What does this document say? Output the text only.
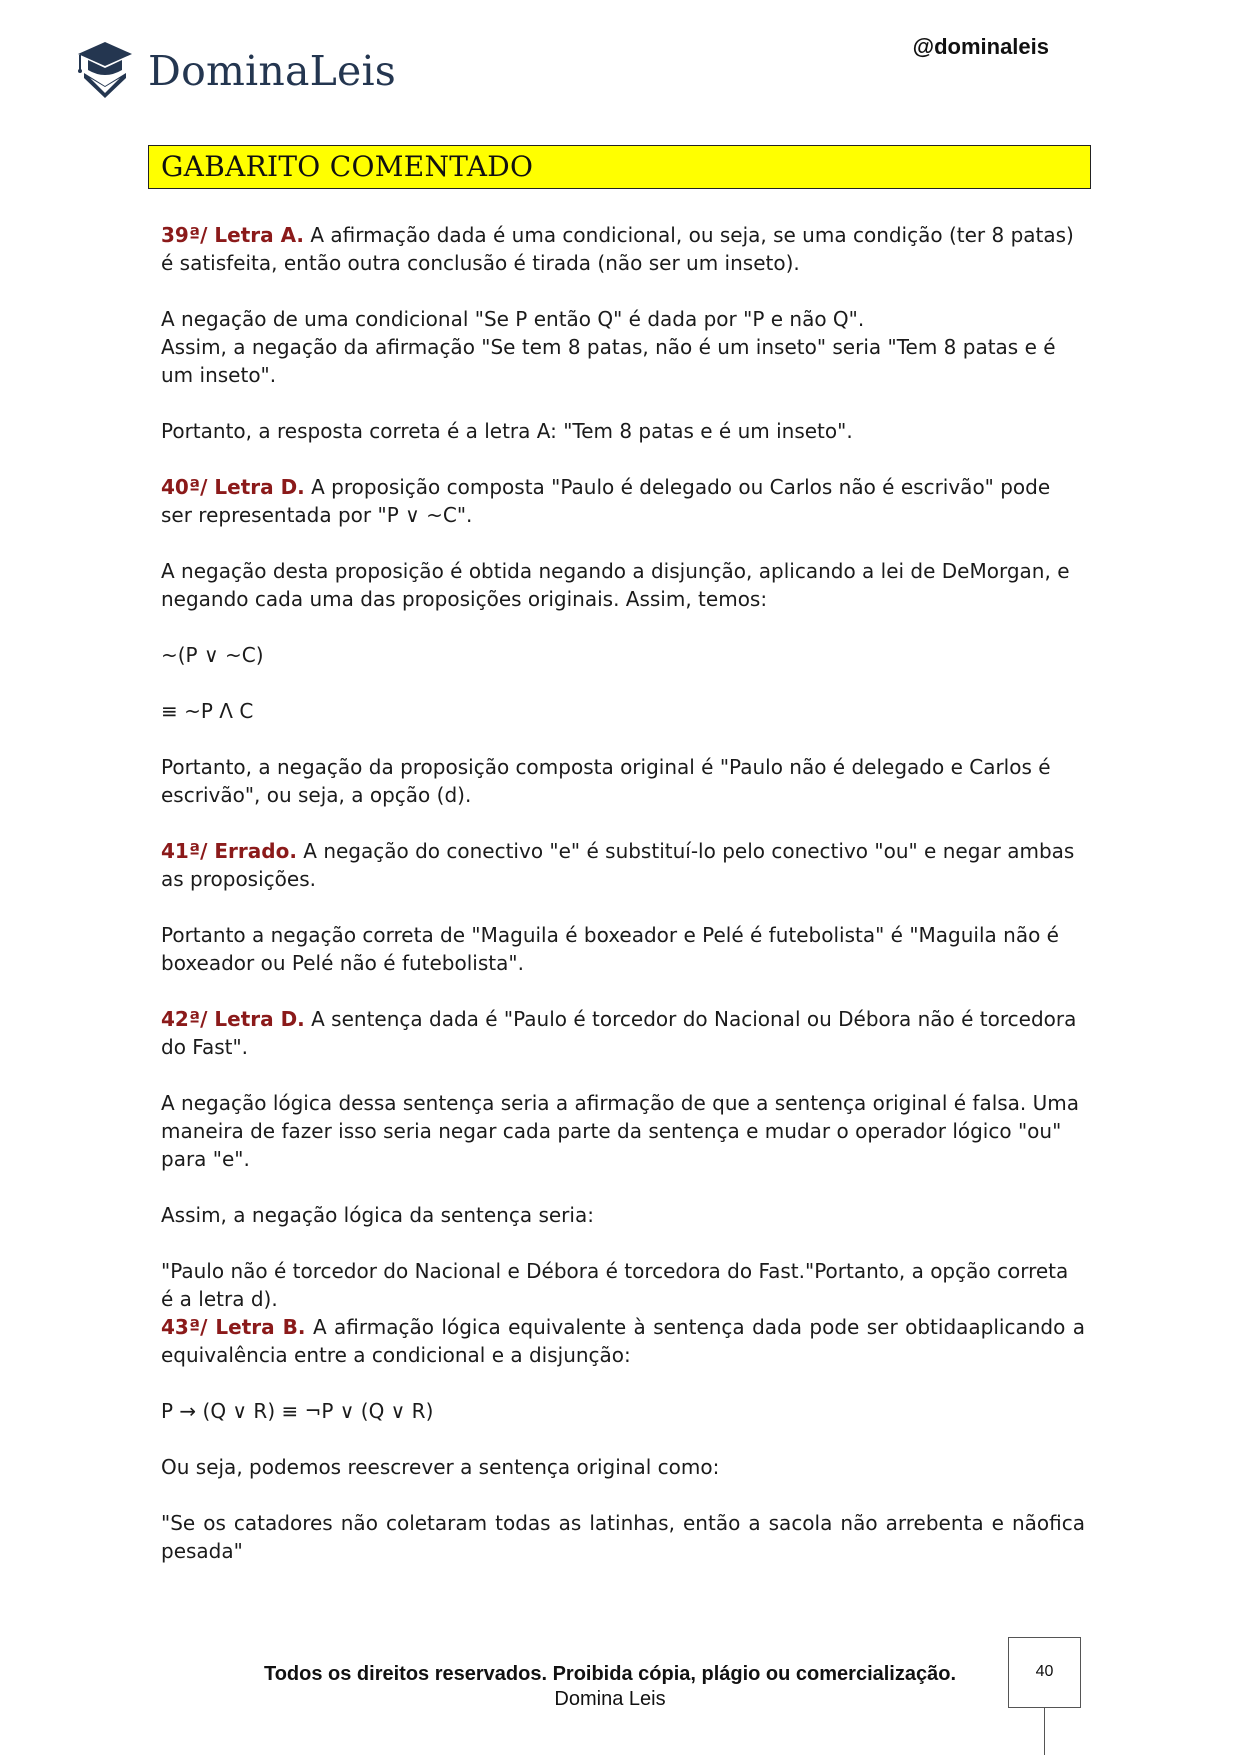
DominaLeis
@dominaleis
GABARITO COMENTADO

39ª/ Letra A. A afirmação dada é uma condicional, ou seja, se uma condição (ter 8 patas) é satisfeita, então outra conclusão é tirada (não ser um inseto).

A negação de uma condicional "Se P então Q" é dada por "P e não Q".
Assim, a negação da afirmação "Se tem 8 patas, não é um inseto" seria "Tem 8 patas e é um inseto".

Portanto, a resposta correta é a letra A: "Tem 8 patas e é um inseto".

40ª/ Letra D. A proposição composta "Paulo é delegado ou Carlos não é escrivão" pode ser representada por "P ∨ ~C".

A negação desta proposição é obtida negando a disjunção, aplicando a lei de DeMorgan, e negando cada uma das proposições originais. Assim, temos:

~(P ∨ ~C)

≡ ~P Λ C

Portanto, a negação da proposição composta original é "Paulo não é delegado e Carlos é escrivão", ou seja, a opção (d).

41ª/ Errado. A negação do conectivo "e" é substituí-lo pelo conectivo "ou" e negar ambas as proposições.

Portanto a negação correta de "Maguila é boxeador e Pelé é futebolista" é "Maguila não é boxeador ou Pelé não é futebolista".

42ª/ Letra D. A sentença dada é "Paulo é torcedor do Nacional ou Débora não é torcedora do Fast".

A negação lógica dessa sentença seria a afirmação de que a sentença original é falsa. Uma maneira de fazer isso seria negar cada parte da sentença e mudar o operador lógico "ou" para "e".

Assim, a negação lógica da sentença seria:

"Paulo não é torcedor do Nacional e Débora é torcedora do Fast."Portanto, a opção correta é a letra d).

43ª/ Letra B. A afirmação lógica equivalente à sentença dada pode ser obtidaaplicando a equivalência entre a condicional e a disjunção:

P → (Q ∨ R) ≡ ¬P ∨ (Q ∨ R)

Ou seja, podemos reescrever a sentença original como:

"Se os catadores não coletaram todas as latinhas, então a sacola não arrebenta e nãofica pesada"

Todos os direitos reservados. Proibida cópia, plágio ou comercialização.
Domina Leis
40
